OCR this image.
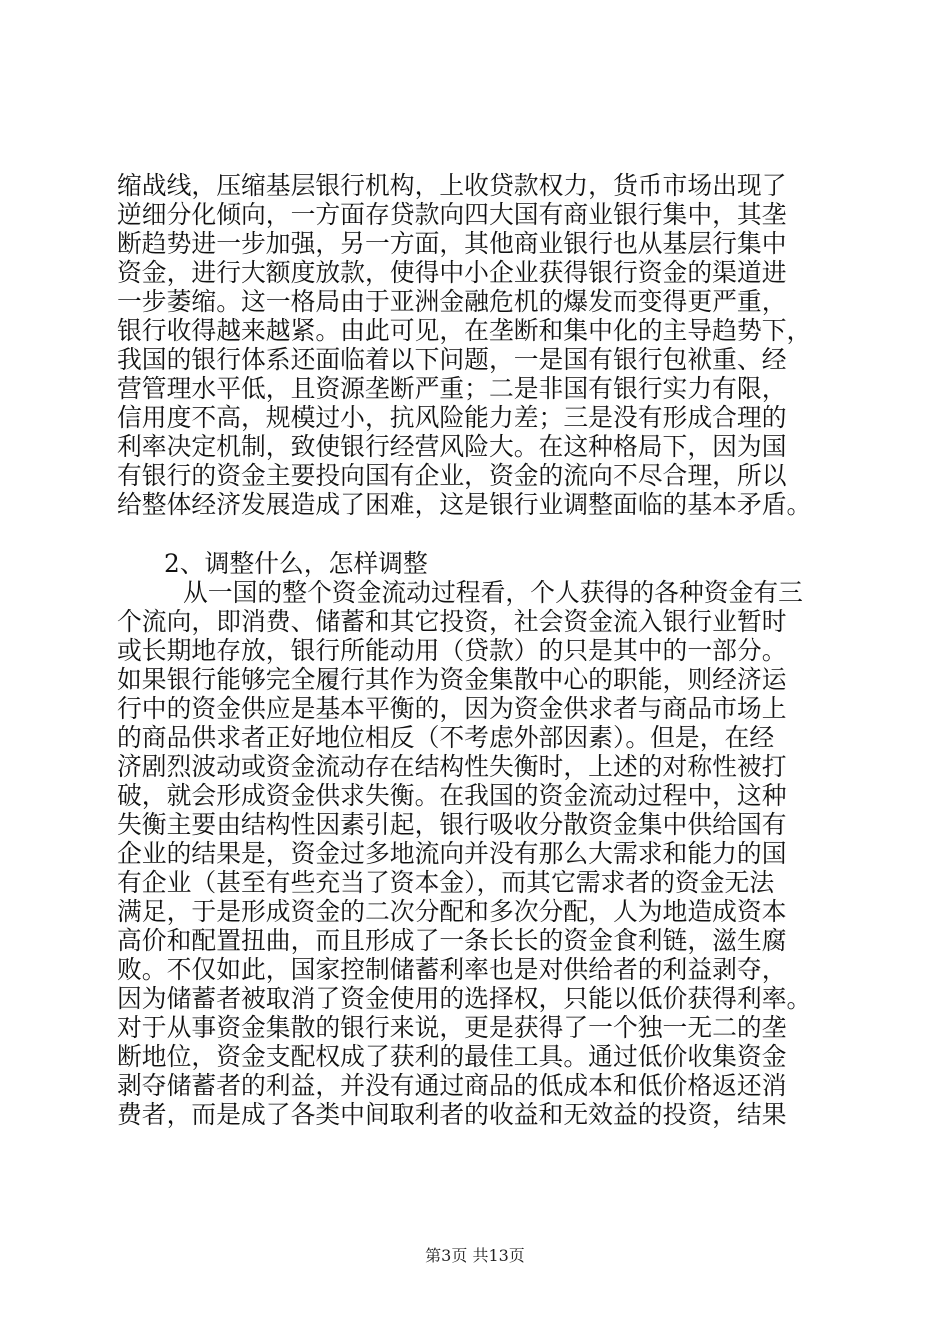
缩战线，压缩基层银行机构，上收贷款权力，货币市场出现了
逆细分化倾向，一方面存贷款向四大国有商业银行集中，其垄
断趋势进一步加强，另一方面，其他商业银行也从基层行集中
资金，进行大额度放款，使得中小企业获得银行资金的渠道进
一步萎缩。这一格局由于亚洲金融危机的爆发而变得更严重，
银行收得越来越紧。由此可见，在垄断和集中化的主导趋势下，
我国的银行体系还面临着以下问题，一是国有银行包袱重、经
营管理水平低，且资源垄断严重；二是非国有银行实力有限，
信用度不高，规模过小，抗风险能力差；三是没有形成合理的
利率决定机制，致使银行经营风险大。在这种格局下，因为国
有银行的资金主要投向国有企业，资金的流向不尽合理，所以
给整体经济发展造成了困难，这是银行业调整面临的基本矛盾。
2、调整什么，怎样调整
从一国的整个资金流动过程看，个人获得的各种资金有三
个流向，即消费、储蓄和其它投资，社会资金流入银行业暂时
或长期地存放，银行所能动用（贷款）的只是其中的一部分。
如果银行能够完全履行其作为资金集散中心的职能，则经济运
行中的资金供应是基本平衡的，因为资金供求者与商品市场上
的商品供求者正好地位相反（不考虑外部因素）。但是，在经
济剧烈波动或资金流动存在结构性失衡时，上述的对称性被打
破，就会形成资金供求失衡。在我国的资金流动过程中，这种
失衡主要由结构性因素引起，银行吸收分散资金集中供给国有
企业的结果是，资金过多地流向并没有那么大需求和能力的国
有企业（甚至有些充当了资本金），而其它需求者的资金无法
满足，于是形成资金的二次分配和多次分配，人为地造成资本
高价和配置扭曲，而且形成了一条长长的资金食利链，滋生腐
败。不仅如此，国家控制储蓄利率也是对供给者的利益剥夺，
因为储蓄者被取消了资金使用的选择权，只能以低价获得利率。
对于从事资金集散的银行来说，更是获得了一个独一无二的垄
断地位，资金支配权成了获利的最佳工具。通过低价收集资金
剥夺储蓄者的利益，并没有通过商品的低成本和低价格返还消
费者，而是成了各类中间取利者的收益和无效益的投资，结果
第3页 共13页
